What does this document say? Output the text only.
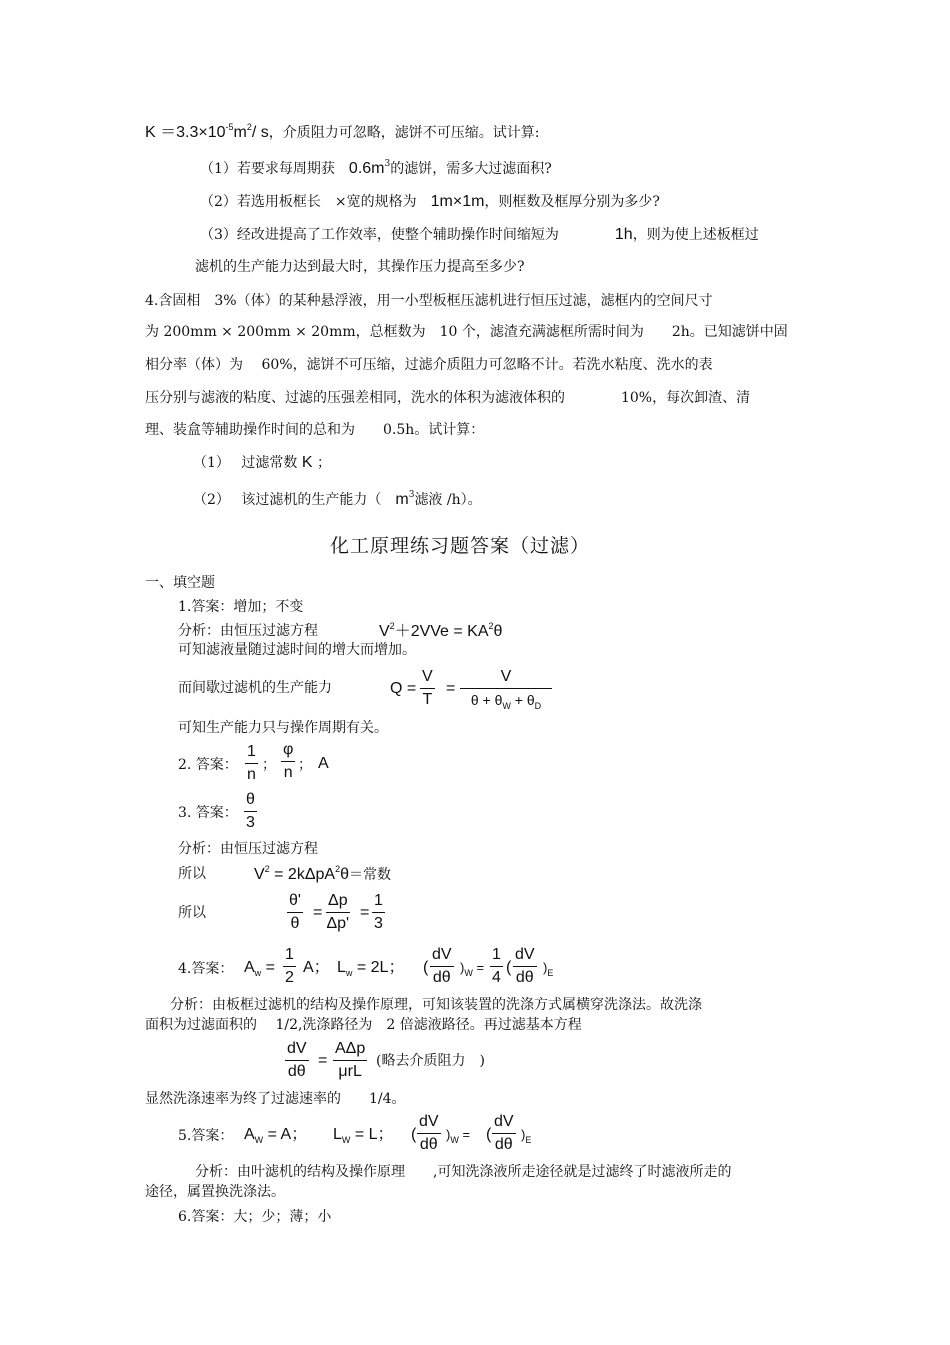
$K =3.3\times 10^{-5}m^2/$ s，介质阻力可忽略，滤饼不可压缩。试计算:
（1）若要求每周期获　 $0.6m^3$的滤饼，需多大过滤面积?
（2）若选用板框长　×宽的规格为　 1m×1m，则框数及框厚分别为多少?
（3）经改进提高了工作效率，使整个辅助操作时间缩短为　　　　	1h，则为使上述板框过
滤机的生产能力达到最大时，其操作压力提高至多少?
4.含固相　3%（体）的某种悬浮液，用一小型板框压滤机进行恒压过滤，滤框内的空间尺寸
为 200mm × 200mm × 20mm，总框数为　10 个，滤渣充满滤框所需时间为　　2h。已知滤饼中固
相分率（体）为　 60%，滤饼不可压缩，过滤介质阻力可忽略不计。若洗水粘度、洗水的表
压分别与滤液的粘度、过滤的压强差相同，洗水的体积为滤液体积的　　　　10%，每次卸渣、清
理、装盒等辅助操作时间的总和为　　0.5h。试计算：
（1）　 过滤常数 K ；
（2）　 该过滤机的生产能力（　 $m^3$滤液 /h）。
化工原理练习题答案（过滤）
一、填空题
1.答案：增加；不变
分析：由恒压过滤方程	$V^2+2VVe = KA^2\theta$
可知滤液量随过滤时间的增大而增加。
而间歇过滤机的生产能力	$Q = \frac{V}{T} = \frac{V}{\theta + \theta_W + \theta_D}$
可知生产能力只与操作周期有关。
2. 答案： $\frac{1}{n}$ ； $\frac{\varphi}{n}$ ； A
3. 答案： $\frac{\theta}{3}$
分析：由恒压过滤方程
所以	$V^2 = 2k\Delta pA^2\theta=$常数
所以	$\frac{\theta'}{\theta} = \frac{\Delta p}{\Delta p'} = \frac{1}{3}$
4.答案： $A_w = \frac{1}{2}$ A； $L_w = 2L$； ( $\frac{dV}{d\theta} )_W = \frac{1}{4}$ ( $\frac{dV}{d\theta} )_E$
分析：由板框过滤机的结构及操作原理，可知该装置的洗涤方式属横穿洗涤法。故洗涤
面积为过滤面积的　 1/2,洗涤路径为　2 倍滤液路径。再过滤基本方程
$\frac{dV}{d\theta}$ =
AΔp
μrL
(略去介质阻力　)
显然洗涤速率为终了过滤速率的　　1/4。
5.答案： $A_W = A$； $L_W = L$； ( $\frac{dV}{d\theta} )_W$ = ( $\frac{dV}{d\theta} )_E$
分析：由叶滤机的结构及操作原理　　,可知洗涤液所走途径就是过滤终了时滤液所走的
途径，属置换洗涤法。
6.答案：大；少；薄；小
